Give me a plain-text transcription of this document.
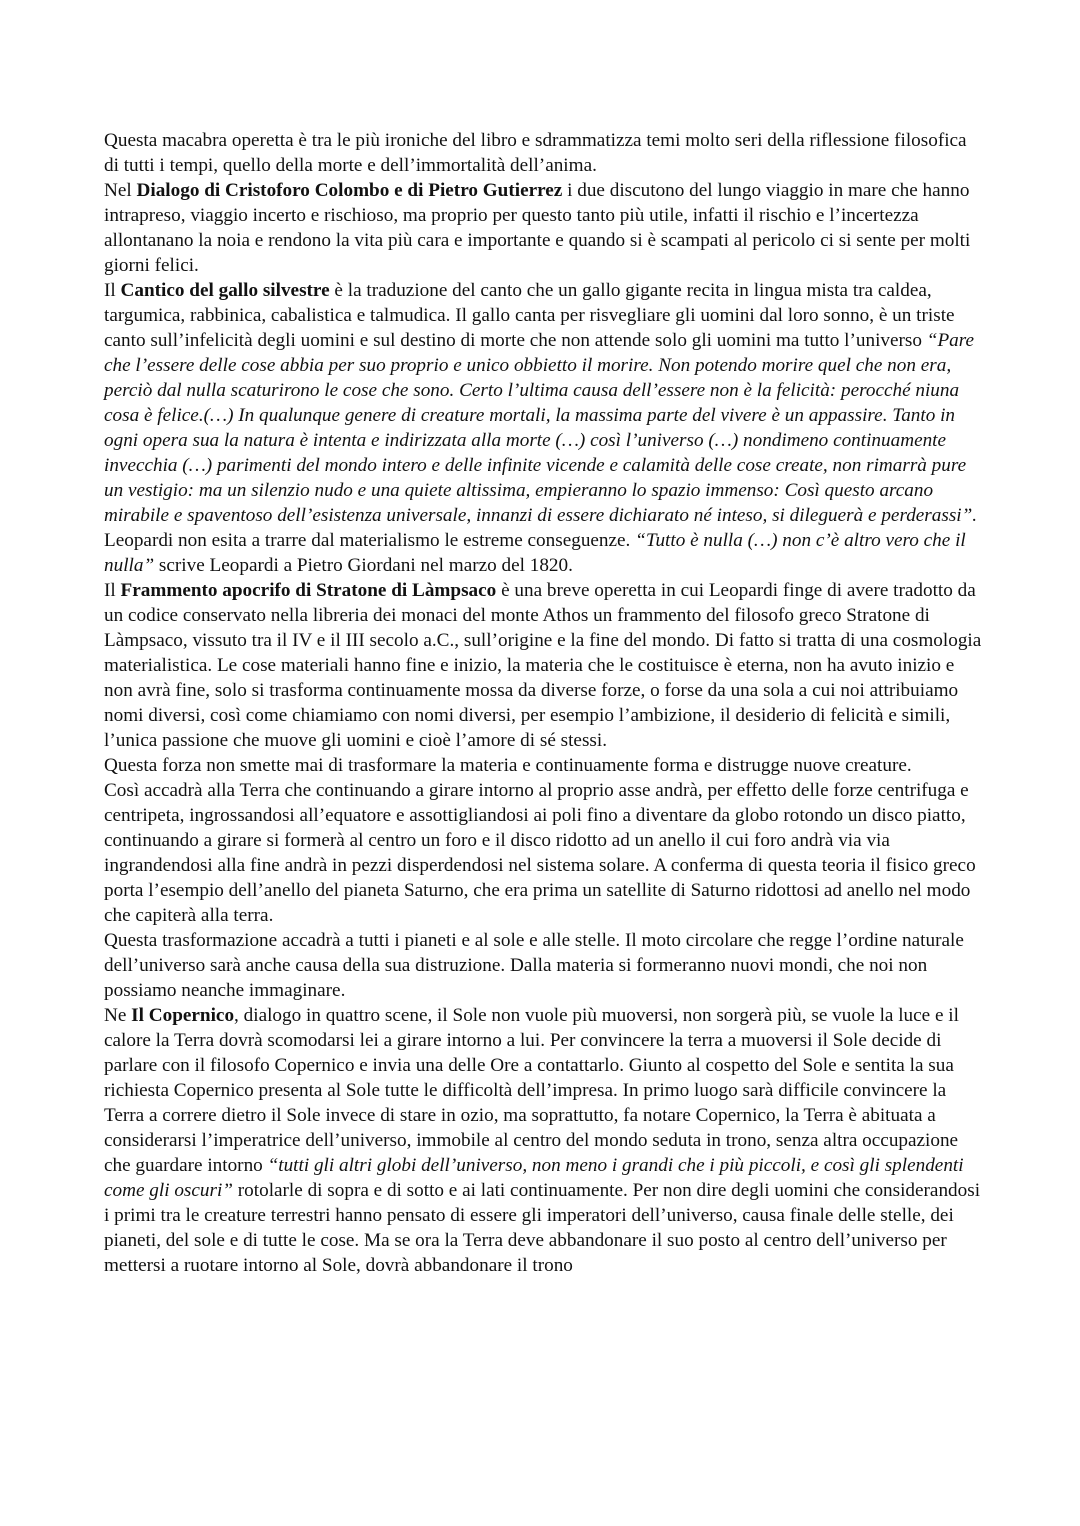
Questa macabra operetta è tra le più ironiche del libro e sdrammatizza temi molto seri della riflessione filosofica di tutti i tempi, quello della morte e dell’immortalità dell’anima.

Nel Dialogo di Cristoforo Colombo e di Pietro Gutierrez i due discutono del lungo viaggio in mare che hanno intrapreso, viaggio incerto e rischioso, ma proprio per questo tanto più utile, infatti il rischio e l’incertezza allontanano la noia e rendono la vita più cara e importante e quando si è scampati al pericolo ci si sente per molti giorni felici.

Il Cantico del gallo silvestre è la traduzione del canto che un gallo gigante recita in lingua mista tra caldea, targumica, rabbinica, cabalistica e talmudica. Il gallo canta per risvegliare gli uomini dal loro sonno, è un triste canto sull’infelicità degli uomini e sul destino di morte che non attende solo gli uomini ma tutto l’universo “Pare che l’essere delle cose abbia per suo proprio e unico obbietto il morire. Non potendo morire quel che non era, perciò dal nulla scaturirono le cose che sono. Certo l’ultima causa dell’essere non è la felicità: perocché niuna cosa è felice.(…) In qualunque genere di creature mortali, la massima parte del vivere è un appassire. Tanto in ogni opera sua la natura è intenta e indirizzata alla morte (…) così l’universo (…) nondimeno continuamente invecchia (…) parimenti del mondo intero e delle infinite vicende e calamità delle cose create, non rimarrà pure un vestigio: ma un silenzio nudo e una quiete altissima, empieranno lo spazio immenso: Così questo arcano mirabile e spaventoso dell’esistenza universale, innanzi di essere dichiarato né inteso, si dileguerà e perderassi”. Leopardi non esita a trarre dal materialismo le estreme conseguenze. “Tutto è nulla (…) non c’è altro vero che il nulla” scrive Leopardi a Pietro Giordani nel marzo del 1820.

Il Frammento apocrifo di Stratone di Làmpsaco è una breve operetta in cui Leopardi finge di avere tradotto da un codice conservato nella libreria dei monaci del monte Athos un frammento del filosofo greco Stratone di Làmpsaco, vissuto tra il IV e il III secolo a.C., sull’origine e la fine del mondo. Di fatto si tratta di una cosmologia materialistica. Le cose materiali hanno fine e inizio, la materia che le costituisce è eterna, non ha avuto inizio e non avrà fine, solo si trasforma continuamente mossa da diverse forze, o forse da una sola a cui noi attribuiamo nomi diversi, così come chiamiamo con nomi diversi, per esempio l’ambizione, il desiderio di felicità e simili, l’unica passione che muove gli uomini e cioè l’amore di sé stessi.

Questa forza non smette mai di trasformare la materia e continuamente forma e distrugge nuove creature.

Così accadrà alla Terra che continuando a girare intorno al proprio asse andrà, per effetto delle forze centrifuga e centripeta, ingrossandosi all’equatore e assottigliandosi ai poli fino a diventare da globo rotondo un disco piatto, continuando a girare si formerà al centro un foro e il disco ridotto ad un anello il cui foro andrà via via ingrandendosi alla fine andrà in pezzi disperdendosi nel sistema solare. A conferma di questa teoria il fisico greco porta l’esempio dell’anello del pianeta Saturno, che era prima un satellite di Saturno ridottosi ad anello nel modo che capiterà alla terra.

Questa trasformazione accadrà a tutti i pianeti e al sole e alle stelle. Il moto circolare che regge l’ordine naturale dell’universo sarà anche causa della sua distruzione. Dalla materia si formeranno nuovi mondi, che noi non possiamo neanche immaginare.

Ne Il Copernico, dialogo in quattro scene, il Sole non vuole più muoversi, non sorgerà più, se vuole la luce e il calore la Terra dovrà scomodarsi lei a girare intorno a lui. Per convincere la terra a muoversi il Sole decide di parlare con il filosofo Copernico e invia una delle Ore a contattarlo. Giunto al cospetto del Sole e sentita la sua richiesta Copernico presenta al Sole tutte le difficoltà dell’impresa. In primo luogo sarà difficile convincere la Terra a correre dietro il Sole invece di stare in ozio, ma soprattutto, fa notare Copernico, la Terra è abituata a considerarsi l’imperatrice dell’universo, immobile al centro del mondo seduta in trono, senza altra occupazione che guardare intorno “tutti gli altri globi dell’universo, non meno i grandi che i più piccoli, e così gli splendenti come gli oscuri” rotolarle di sopra e di sotto e ai lati continuamente. Per non dire degli uomini che considerandosi i primi tra le creature terrestri hanno pensato di essere gli imperatori dell’universo, causa finale delle stelle, dei pianeti, del sole e di tutte le cose. Ma se ora la Terra deve abbandonare il suo posto al centro dell’universo per mettersi a ruotare intorno al Sole, dovrà abbandonare il trono
